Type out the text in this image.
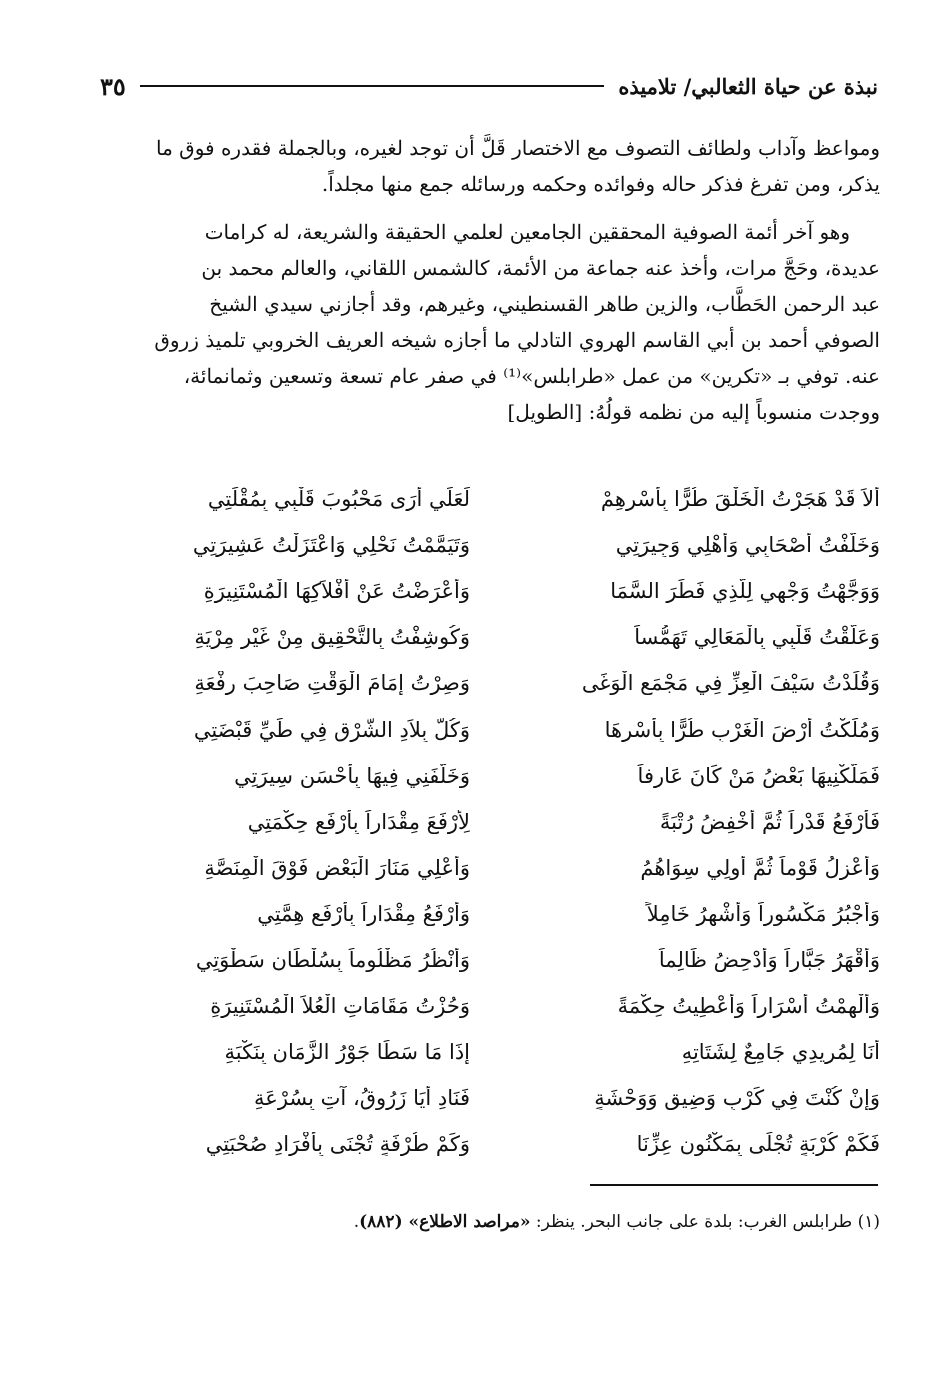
نبذة عن حياة الثعالبي/ تلاميذه
٣٥

ومواعظ وآداب ولطائف التصوف مع الاختصار قَلَّ أن توجد لغيره، وبالجملة فقدره فوق ما
يذكر، ومن تفرغ فذكر حاله وفوائده وحكمه ورسائله جمع منها مجلداً.

وهو آخر أئمة الصوفية المحققين الجامعين لعلمي الحقيقة والشريعة، له كرامات
عديدة، وحَجَّ مرات، وأخذ عنه جماعة من الأئمة، كالشمس اللقاني، والعالم محمد بن
عبد الرحمن الحَطَّاب، والزين طاهر القسنطيني، وغيرهم، وقد أجازني سيدي الشيخ
الصوفي أحمد بن أبي القاسم الهروي التادلي ما أجازه شيخه العريف الخروبي تلميذ زروق
عنه. توفي بـ «تكرين» من عمل «طرابلس»⁽¹⁾ في صفر عام تسعة وتسعين وثمانمائة،
ووجدت منسوباً إليه من نظمه قولُهُ: [الطويل]

أَلاَ قَدْ هَجَرْتُ الْخَلْقَ طُرًّا بِأَسْرِهِمْ
لَعَلِّي أَرَى مَحْبُوبَ قَلْبِي بِمُقْلَتِي
وَخَلَّفْتُ أَصْحَابِي وَأَهْلِي وَجِيرَتِي
وَتَيَمَّمْتُ نَحْلِي وَاعْتَزَلْتُ عَشِيرَتِي
وَوَجَّهْتُ وَجْهِي لِلَّذِي فَطَرَ السَّمَا
وَأَعْرَضْتُ عَنْ أَفْلاَكِهَا الْمُسْتَنِيرَةِ
وَعَلَّقْتُ قَلْبِي بِالْمَعَالِي تَهَمُّساً
وَكُوشِفْتُ بِالتَّحْقِيقِ مِنْ غَيْرِ مِرْيَةِ
وَقُلِّدْتُ سَيْفَ الْعِزِّ فِي مَجْمَعِ الْوَغَى
وَصِرْتُ إِمَامَ الْوَقْتِ صَاحِبَ رِفْعَةِ
وَمُلِّكْتُ أَرْضَ الْغَرْبِ طُرًّا بِأَسْرِهَا
وَكُلُّ بِلاَدِ الشَّرْقِ فِي طَيِّ قَبْضَتِي
فَمَلَّكْنِيهَا بَعْضُ مَنْ كَانَ عَارِفاً
وَخَلَّفَنِي فِيهَا بِأَحْسَنِ سِيرَتِي
فَأَرْفَعُ قَدْراً ثُمَّ أُخْفِضُ رُتْبَةً
لِأَرْفَعَ مِقْدَاراً بِأَرْفَعِ حِكْمَتِي
وَأَعْزِلُ قَوْماً ثُمَّ أُولِي سِوَاهُمُ
وَأُعْلِي مَنَارَ الْبَعْضِ فَوْقَ الْمِنَصَّةِ
وَأَجْبُرُ مَكْسُوراً وَأُشْهِرُ خَامِلاً
وَأَرْفَعُ مِقْدَاراً بِأَرْفَعِ هِمَّتِي
وَأَقْهَرُ جَبَّاراً وَأُدْحِضُ ظَالِماً
وَأَنْظُرُ مَظْلُوماً بِسُلْطَانِ سَطْوَتِي
وَأُلْهِمْتُ أَسْرَاراً وَأُعْطِيتُ حِكْمَةً
وَحُزْتُ مَقَامَاتِ الْعُلاَ الْمُسْتَنِيرَةِ
أَنَا لِمُرِيدِي جَامِعٌ لِشَتَاتِهِ
إِذَا مَا سَطَا جَوْرُ الزَّمَانِ بِنَكْبَةِ
وَإِنْ كُنْتَ فِي كَرْبٍ وَضِيقٍ وَوَحْشَةٍ
فَنَادِ أَيَا زَرُوقُ، آتِ بِسُرْعَةِ
فَكَمْ كُرْبَةٍ تُجْلَى بِمَكْنُونِ عِزِّنَا
وَكَمْ طُرْفَةٍ تُجْنَى بِأَفْرَادِ صُحْبَتِي
(١) طرابلس الغرب: بلدة على جانب البحر. ينظر: «مراصد الاطلاع» (٨٨٢).
